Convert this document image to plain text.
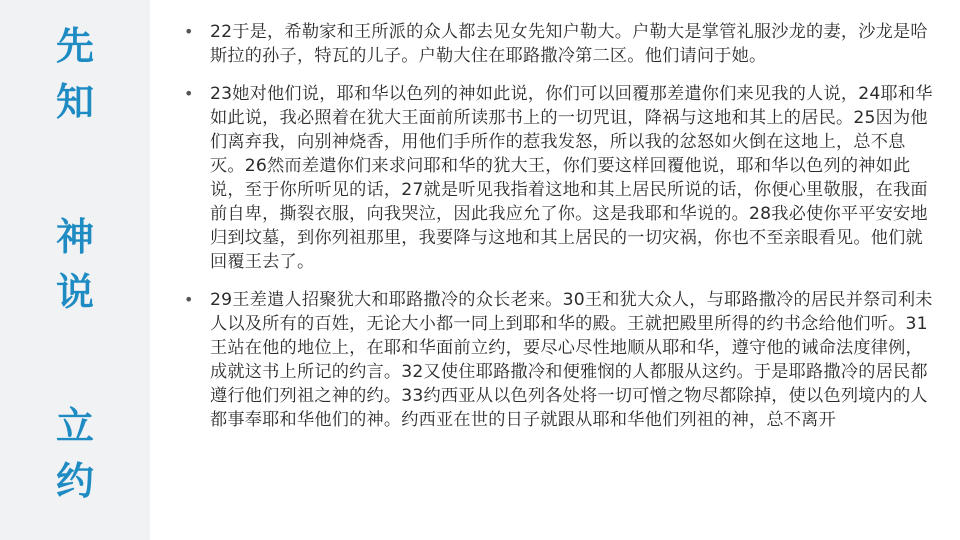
先
知
神
说
立
约
• 22于是，希勒家和王所派的众人都去见女先知户勒大。户勒大是掌管礼服沙龙的妻，沙龙是哈斯拉的孙子，特瓦的儿子。户勒大住在耶路撒冷第二区。他们请问于她。
• 23她对他们说，耶和华以色列的神如此说，你们可以回覆那差遣你们来见我的人说，24耶和华如此说，我必照着在犹大王面前所读那书上的一切咒诅，降祸与这地和其上的居民。25因为他们离弃我，向别神烧香，用他们手所作的惹我发怒，所以我的忿怒如火倒在这地上，总不息灭。26然而差遣你们来求问耶和华的犹大王，你们要这样回覆他说，耶和华以色列的神如此说，至于你所听见的话，27就是听见我指着这地和其上居民所说的话，你便心里敬服，在我面前自卑，撕裂衣服，向我哭泣，因此我应允了你。这是我耶和华说的。28我必使你平平安安地归到坟墓，到你列祖那里，我要降与这地和其上居民的一切灾祸，你也不至亲眼看见。他们就回覆王去了。
• 29王差遣人招聚犹大和耶路撒冷的众长老来。30王和犹大众人，与耶路撒冷的居民并祭司利未人以及所有的百姓，无论大小都一同上到耶和华的殿。王就把殿里所得的约书念给他们听。31王站在他的地位上，在耶和华面前立约，要尽心尽性地顺从耶和华，遵守他的诫命法度律例，成就这书上所记的约言。32又使住耶路撒冷和便雅悯的人都服从这约。于是耶路撒冷的居民都遵行他们列祖之神的约。33约西亚从以色列各处将一切可憎之物尽都除掉，使以色列境内的人都事奉耶和华他们的神。约西亚在世的日子就跟从耶和华他们列祖的神，总不离开
